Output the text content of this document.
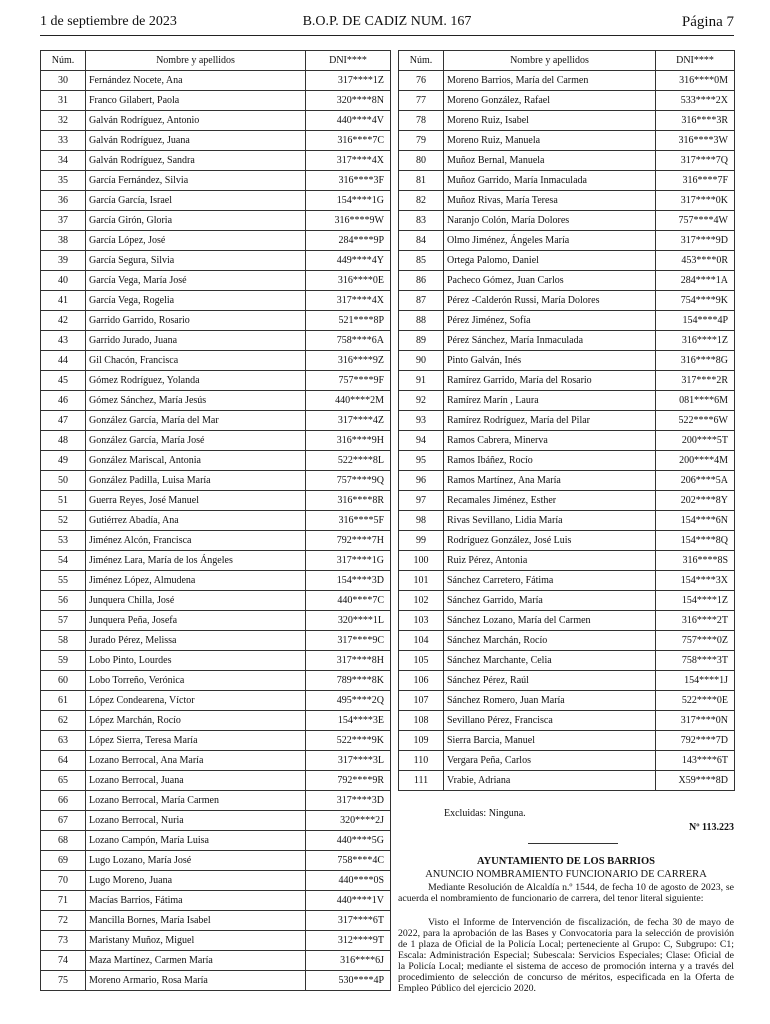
1 de septiembre de 2023	B.O.P. DE CADIZ NUM. 167	Página 7
Núm.	Nombre y apellidos	DNI****
30	Fernández Nocete, Ana	317****1Z
31	Franco Gilabert, Paola	320****8N
32	Galván Rodríguez, Antonio	440****4V
33	Galván Rodríguez, Juana	316****7C
34	Galván Rodríguez, Sandra	317****4X
35	García Fernández, Silvia	316****3F
36	García García, Israel	154****1G
37	García Girón, Gloria	316****9W
38	García López, José	284****9P
39	García Segura, Silvia	449****4Y
40	García Vega, María José	316****0E
41	García Vega, Rogelia	317****4X
42	Garrido Garrido, Rosario	521****8P
43	Garrido Jurado, Juana	758****6A
44	Gil Chacón, Francisca	316****9Z
45	Gómez Rodríguez, Yolanda	757****9F
46	Gómez Sánchez, María Jesús	440****2M
47	González García, María del Mar	317****4Z
48	González García, María José	316****9H
49	González Mariscal, Antonia	522****8L
50	González Padilla, Luisa María	757****9Q
51	Guerra Reyes, José Manuel	316****8R
52	Gutiérrez Abadía, Ana	316****5F
53	Jiménez Alcón, Francisca	792****7H
54	Jiménez Lara, María de los Ángeles	317****1G
55	Jiménez López, Almudena	154****3D
56	Junquera Chilla, José	440****7C
57	Junquera Peña, Josefa	320****1L
58	Jurado Pérez, Melissa	317****9C
59	Lobo Pinto, Lourdes	317****8H
60	Lobo Torreño, Verónica	789****8K
61	López Condearena, Víctor	495****2Q
62	López Marchán, Rocío	154****3E
63	López Sierra, Teresa María	522****9K
64	Lozano Berrocal, Ana María	317****3L
65	Lozano Berrocal, Juana	792****9R
66	Lozano Berrocal, María Carmen	317****3D
67	Lozano Berrocal, Nuria	320****2J
68	Lozano Campón, María Luisa	440****5G
69	Lugo Lozano, María José	758****4C
70	Lugo Moreno, Juana	440****0S
71	Macías Barrios, Fátima	440****1V
72	Mancilla Bornes, María Isabel	317****6T
73	Maristany Muñoz, Miguel	312****9T
74	Maza Martínez, Carmen María	316****6J
75	Moreno Armario, Rosa María	530****4P
Núm.	Nombre y apellidos	DNI****
76	Moreno Barrios, María del Carmen	316****0M
77	Moreno González, Rafael	533****2X
78	Moreno Ruiz, Isabel	316****3R
79	Moreno Ruiz, Manuela	316****3W
80	Muñoz Bernal, Manuela	317****7Q
81	Muñoz Garrido, María Inmaculada	316****7F
82	Muñoz Rivas, María Teresa	317****0K
83	Naranjo Colón, María Dolores	757****4W
84	Olmo Jiménez, Ángeles María	317****9D
85	Ortega Palomo, Daniel	453****0R
86	Pacheco Gómez, Juan Carlos	284****1A
87	Pérez -Calderón Russi, María Dolores	754****9K
88	Pérez Jiménez, Sofía	154****4P
89	Pérez Sánchez, María Inmaculada	316****1Z
90	Pinto Galván, Inés	316****8G
91	Ramírez Garrido, María del Rosario	317****2R
92	Ramírez Marín , Laura	081****6M
93	Ramírez Rodríguez, María del Pilar	522****6W
94	Ramos Cabrera, Minerva	200****5T
95	Ramos Ibáñez, Rocío	200****4M
96	Ramos Martínez, Ana María	206****5A
97	Recamales Jiménez, Esther	202****8Y
98	Rivas Sevillano, Lidia María	154****6N
99	Rodríguez González, José Luis	154****8Q
100	Ruiz Pérez, Antonia	316****8S
101	Sánchez Carretero, Fátima	154****3X
102	Sánchez Garrido, María	154****1Z
103	Sánchez Lozano, María del Carmen	316****2T
104	Sánchez Marchán, Rocío	757****0Z
105	Sánchez Marchante, Celia	758****3T
106	Sánchez Pérez, Raúl	154****1J
107	Sánchez Romero, Juan María	522****0E
108	Sevillano Pérez, Francisca	317****0N
109	Sierra Barcia, Manuel	792****7D
110	Vergara Peña, Carlos	143****6T
111	Vrabie, Adriana	X59****8D
Excluidas: Ninguna.
Nº 113.223
AYUNTAMIENTO DE LOS BARRIOS
ANUNCIO NOMBRAMIENTO FUNCIONARIO DE CARRERA
Mediante Resolución de Alcaldía n.º 1544, de fecha 10 de agosto de 2023, se acuerda el nombramiento de funcionario de carrera, del tenor literal siguiente:
Visto el Informe de Intervención de fiscalización, de fecha 30 de mayo de 2022, para la aprobación de las Bases y Convocatoria para la selección de provisión de 1 plaza de Oficial de la Policía Local; perteneciente al Grupo: C, Subgrupo: C1; Escala: Administración Especial; Subescala: Servicios Especiales; Clase: Oficial de la Policía Local; mediante el sistema de acceso de promoción interna y a través del procedimiento de selección de concurso de méritos, especificada en la Oferta de Empleo Público del ejercicio 2020.
